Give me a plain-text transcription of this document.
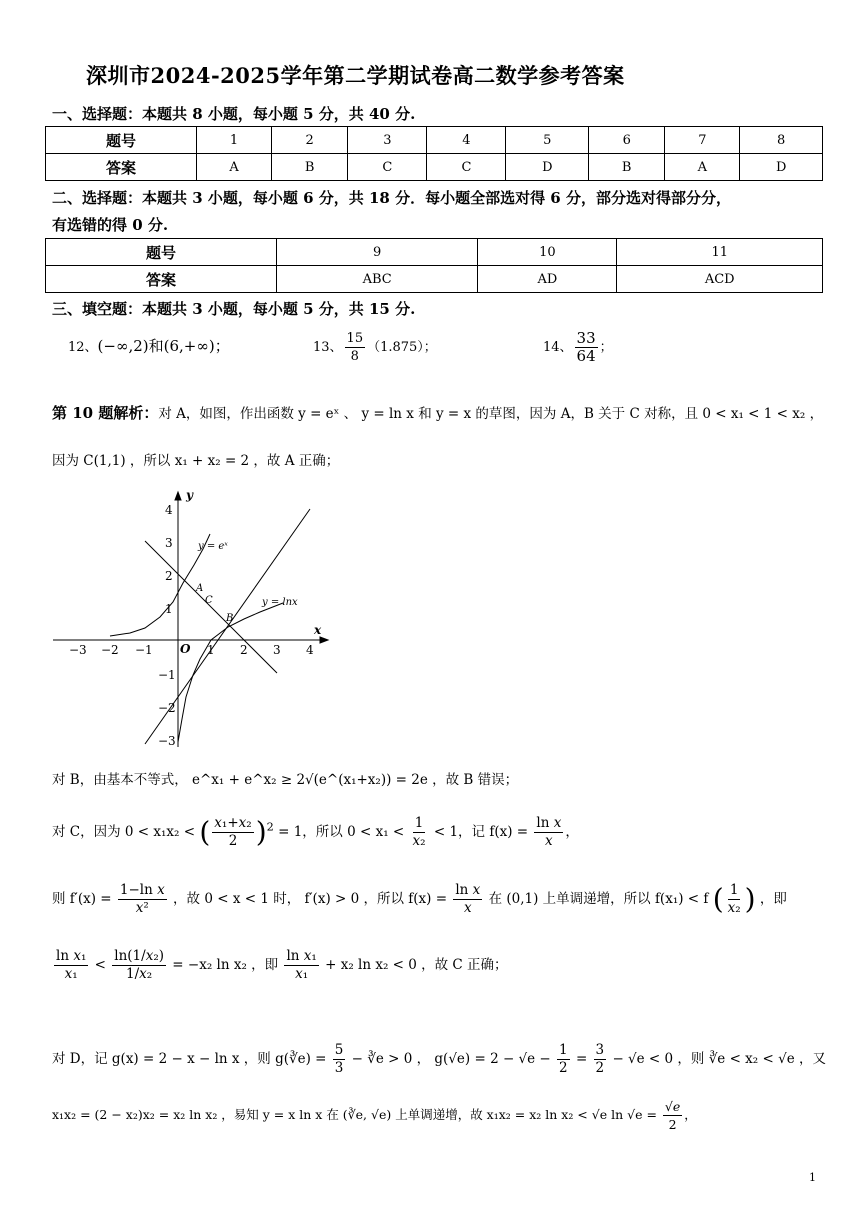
深圳市2024-2025学年第二学期试卷高二数学参考答案
一、选择题：本题共 8 小题，每小题 5 分，共 40 分.
题号	1	2	3	4	5	6	7	8
答案	A	B	C	C	D	B	A	D
二、选择题：本题共 3 小题，每小题 6 分，共 18 分．每小题全部选对得 6 分，部分选对得部分分，
有选错的得 0 分.
题号	9	10	11
答案	ABC	AD	ACD
三、填空题：本题共 3 小题，每小题 5 分，共 15 分.
12、(−∞,2)和(6,+∞)；	13、 $\frac{15}{8} (1.875)$；	14、 $\frac{33}{64}$ ；
第 10 题解析：对 A，如图，作出函数 y = eˣ 、 y = ln x 和 y = x 的草图，因为 A，B 关于 C 对称，且 0 < x₁ < 1 < x₂ ，
因为 C(1,1) ，所以 x₁ + x₂ = 2 ，故 A 正确；
y
x
O
−3 −2 −1	1 2 3 4
4
3
2
1
−1
−2
−3
y = eˣ
y = lnx
A
C
B
对 B，由基本不等式， e^x₁ + e^x₂ ≥ 2√(e^(x₁+x₂)) = 2e ，故 B 错误；
对 C，因为 0 < x₁x₂ < ( $\frac{\text{x₁+x₂}}{2} )^2 = 1$，所以 $0 < x_1 < \frac{1}{\text{x₂}} < 1$，记 $f(x) = \frac{\text{ln x}}{x}$ ，
则 $f'(x) = \frac{\text{1−ln x}}{\text{x²}}$ ，故 0 < x < 1 时， f′(x) > 0 ，所以 $f(x) = \frac{\text{ln x}}{x}$ 在 (0,1) 上单调递增，所以 f(x₁) < f ( $\frac{1}{\text{x₂}}$ ) ，即
$\frac{\text{ln x₁}}{\text{x₁}} < \frac{\text{ln(1/x₂)}}{\text{1/x₂}} = -x_2$ ln x₂ ，即 $\frac{\text{ln x₁}}{\text{x₁}} + x_2$ ln x₂ < 0 ，故 C 正确；
对 D，记 g(x) = 2 − x − ln x ，则 g(∛e) = $\frac{5}{3}$ − ∛e > 0 ， $g(√e) = 2 - √e - \frac{1}{2} = \frac{3}{2} - √e < 0$ ，则 ∛e < x₂ < √e ，又
x₁x₂ = (2 − x₂)x₂ = x₂ ln x₂ ，易知 y = x ln x 在 (∛e, √e) 上单调递增，故 x₁x₂ = x₂ ln x₂ < √e $\ln √e = \frac{√e}{2}$ ，
1
